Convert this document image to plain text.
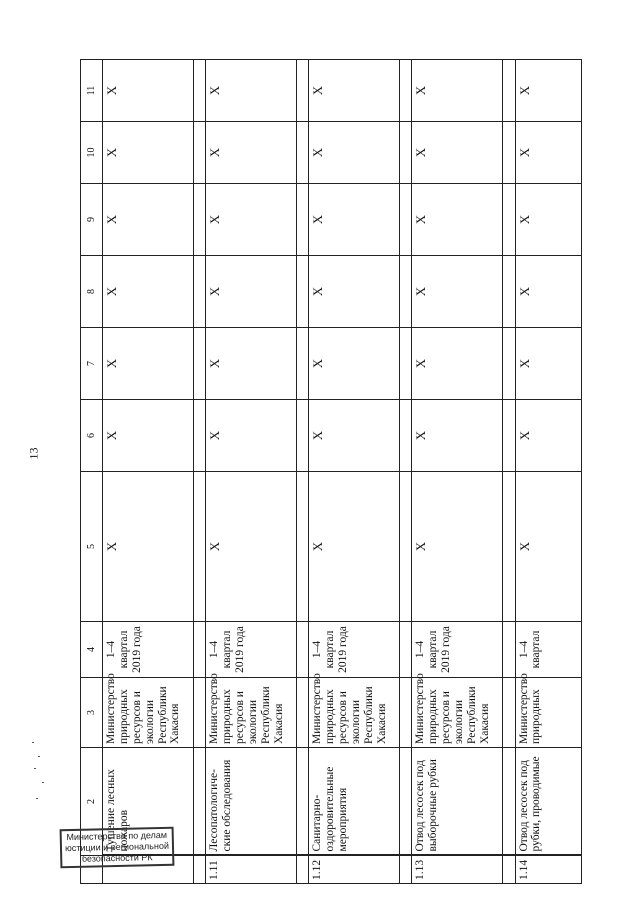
13
	2	3	4	5	6	7	8	9	10	11
	Тушение лесных пожаров	Министерство природных ресурсов и экологии Республики Хакасия	1–4 квартал 2019 года	X	X	X	X	X	X	X

1.11	Лесопатологиче-ские обследования	Министерство природных ресурсов и экологии Республики Хакасия	1–4 квартал 2019 года	X	X	X	X	X	X	X

1.12	Санитарно-оздоровительные мероприятия	Министерство природных ресурсов и экологии Республики Хакасия	1–4 квартал 2019 года	X	X	X	X	X	X	X

1.13	Отвод лесосек под выборочные рубки	Министерство природных ресурсов и экологии Республики Хакасия	1–4 квартал 2019 года	X	X	X	X	X	X	X

1.14	Отвод лесосек под рубки, проводимые	Министерство природных	1–4 квартал	X	X	X	X	X	X	X
Министерство по делам
юстиции и региональной
безопасности РК
